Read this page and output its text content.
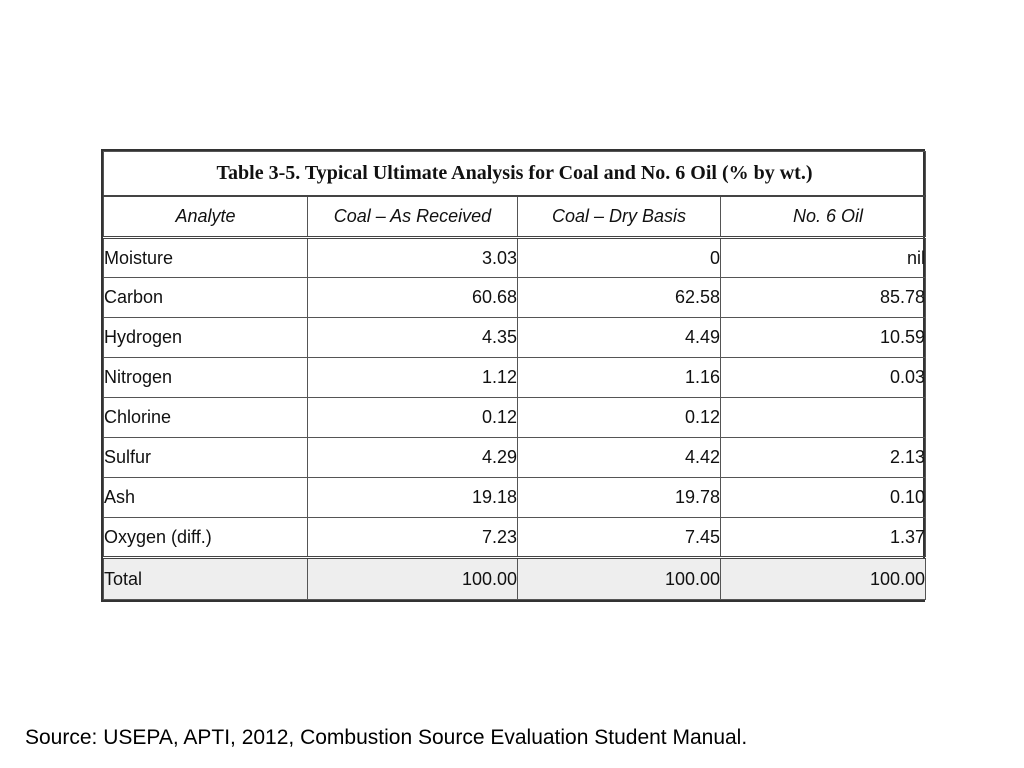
Table 3-5. Typical Ultimate Analysis for Coal and No. 6 Oil (% by wt.)			
Analyte	Coal – As Received	Coal – Dry Basis	No. 6 Oil
Moisture	3.03	0	nil
Carbon	60.68	62.58	85.78
Hydrogen	4.35	4.49	10.59
Nitrogen	1.12	1.16	0.03
Chlorine	0.12	0.12	
Sulfur	4.29	4.42	2.13
Ash	19.18	19.78	0.10
Oxygen (diff.)	7.23	7.45	1.37
Total	100.00	100.00	100.00
Source: USEPA, APTI, 2012, Combustion Source Evaluation Student Manual.
